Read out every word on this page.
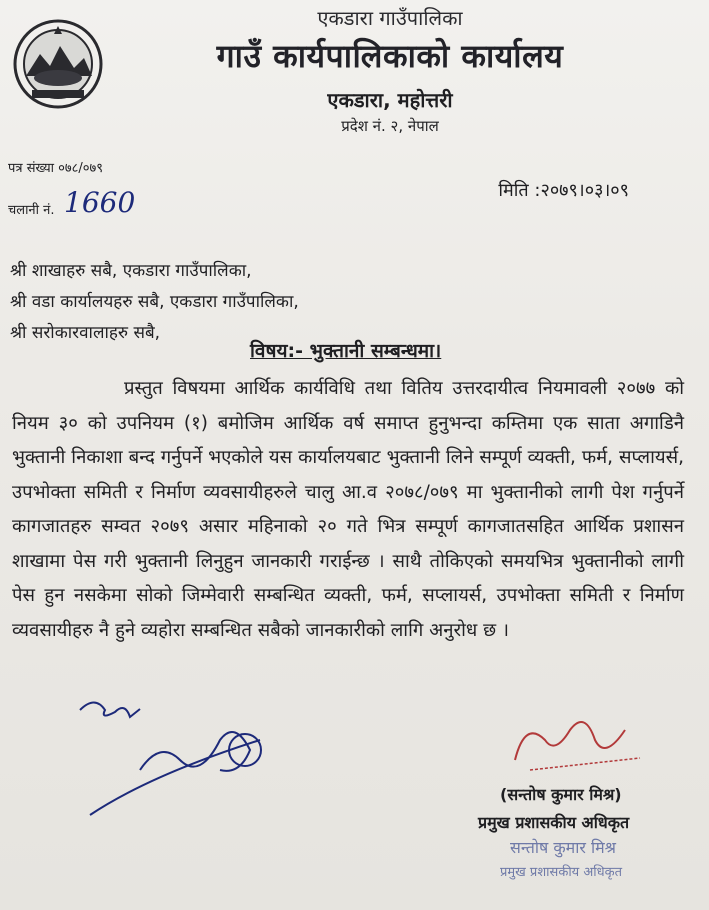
एकडारा गाउँपालिका
गाउँ कार्यपालिकाको कार्यालय
एकडारा, महोत्तरी
प्रदेश नं. २, नेपाल
पत्र संख्या ०७८/०७९
चलानी नं. 1660	मिति :२०७९।०३।०९
श्री शाखाहरु सबै, एकडारा गाउँपालिका,
श्री वडा कार्यालयहरु सबै, एकडारा गाउँपालिका,
श्री सरोकारवालाहरु सबै,
विषय:- भुक्तानी सम्बन्धमा।
प्रस्तुत विषयमा आर्थिक कार्यविधि तथा वितिय उत्तरदायीत्व नियमावली २०७७ को नियम ३० को उपनियम (१) बमोजिम आर्थिक वर्ष समाप्त हुनुभन्दा कम्तिमा एक साता अगाडिनै भुक्तानी निकाशा बन्द गर्नुपर्ने भएकोले यस कार्यालयबाट भुक्तानी लिने सम्पूर्ण व्यक्ती, फर्म, सप्लायर्स, उपभोक्ता समिती र निर्माण व्यवसायीहरुले चालु आ.व २०७८/०७९ मा भुक्तानीको लागी पेश गर्नुपर्ने कागजातहरु सम्वत २०७९ असार महिनाको २० गते भित्र सम्पूर्ण कागजातसहित आर्थिक प्रशासन शाखामा पेस गरी भुक्तानी लिनुहुन जानकारी गराईन्छ । साथै तोकिएको समयभित्र भुक्तानीको लागी पेस हुन नसकेमा सोको जिम्मेवारी सम्बन्धित व्यक्ती, फर्म, सप्लायर्स, उपभोक्ता समिती र निर्माण व्यवसायीहरु नै हुने व्यहोरा सम्बन्धित सबैको जानकारीको लागि अनुरोध छ ।
(सन्तोष कुमार मिश्र)
प्रमुख प्रशासकीय अधिकृत
सन्तोष कुमार मिश्र
प्रमुख प्रशासकीय अधिकृत
